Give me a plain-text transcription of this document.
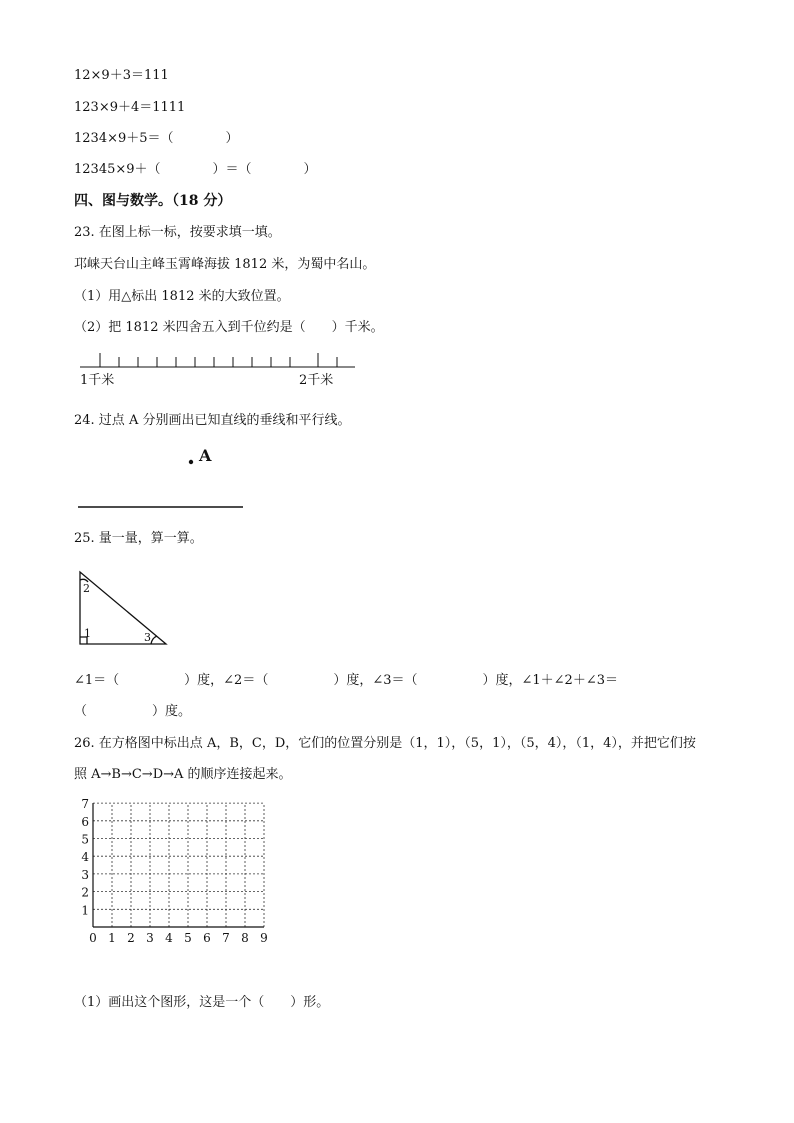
12×9＋3＝111
123×9＋4＝1111
1234×9＋5＝（　　　　）
12345×9＋（　　　　）＝（　　　　）
四、图与数学。（18 分）
23. 在图上标一标，按要求填一填。
邛崃天台山主峰玉霄峰海拔 1812 米，为蜀中名山。
（1）用△标出 1812 米的大致位置。
（2）把 1812 米四舍五入到千位约是（　　）千米。
1千米	2千米
A
2
1	3
0 1 2 3 4 5 6 7 8 9
1
2
3
4
5
6
7
24. 过点 A 分别画出已知直线的垂线和平行线。
25. 量一量，算一算。
∠1＝（　　　　　）度，∠2＝（　　　　　）度，∠3＝（　　　　　）度，∠1＋∠2＋∠3＝
（　　　　　）度。
26. 在方格图中标出点 A，B，C，D，它们的位置分别是（1，1），（5，1），（5，4），（1，4），并把它们按
照 A→B→C→D→A 的顺序连接起来。
（1）画出这个图形，这是一个（　　）形。
